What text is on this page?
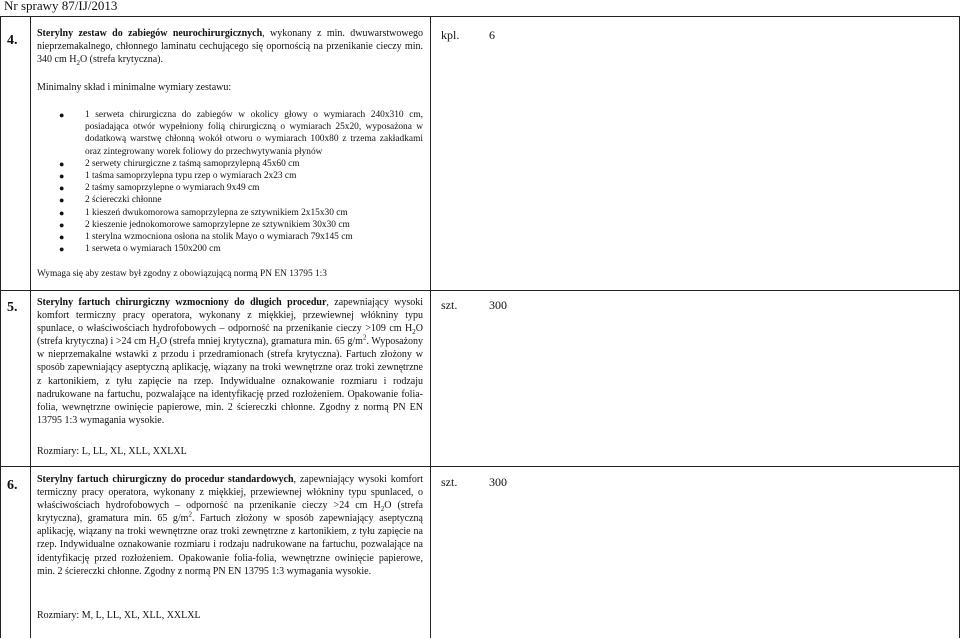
Nr sprawy 87/IJ/2013
4. Sterylny zestaw do zabiegów neurochirurgicznych, wykonany z min. dwuwarstwowego nieprzemakalnego, chłonnego laminatu cechującego się opornością na przenikanie cieczy min. 340 cm $H_2O$ (strefa krytyczna).
kpl. 6
Minimalny skład i minimalne wymiary zestawu:
● 1 serweta chirurgiczna do zabiegów w okolicy głowy o wymiarach 240x310 cm, posiadająca otwór wypełniony folią chirurgiczną o wymiarach 25x20, wyposażona w dodatkową warstwę chłonną wokół otworu o wymiarach 100x80 z trzema zakładkami oraz zintegrowany worek foliowy do przechwytywania płynów
● 2 serwety chirurgiczne z taśmą samoprzylepną 45x60 cm
● 1 taśma samoprzylepna typu rzep o wymiarach 2x23 cm
● 2 taśmy samoprzylepne o wymiarach 9x49 cm
● 2 ściereczki chłonne
● 1 kieszeń dwukomorowa samoprzylepna ze sztywnikiem 2x15x30 cm
● 2 kieszenie jednokomorowe samoprzylepne ze sztywnikiem 30x30 cm
● 1 sterylna wzmocniona osłona na stolik Mayo o wymiarach 79x145 cm
● 1 serweta o wymiarach 150x200 cm
Wymaga się aby zestaw był zgodny z obowiązującą normą PN EN 13795 1:3
5. Sterylny fartuch chirurgiczny wzmocniony do długich procedur, zapewniający wysoki komfort termiczny pracy operatora, wykonany z miękkiej, przewiewnej włókniny typu spunlace, o właściwościach hydrofobowych – odporność na przenikanie cieczy >109 cm $H_2O$ (strefa krytyczna) i >24 cm $H_2O$ (strefa mniej krytyczna), gramatura min. 65 $g/m^2$. Wyposażony w nieprzemakalne wstawki z przodu i przedramionach (strefa krytyczna). Fartuch złożony w sposób zapewniający aseptyczną aplikację, wiązany na troki wewnętrzne oraz troki zewnętrzne z kartonikiem, z tyłu zapięcie na rzep. Indywidualne oznakowanie rozmiaru i rodzaju nadrukowane na fartuchu, pozwalające na identyfikację przed rozłożeniem. Opakowanie folia-folia, wewnętrzne owinięcie papierowe, min. 2 ściereczki chłonne. Zgodny z normą PN EN 13795 1:3 wymagania wysokie.
szt.	300
Rozmiary: L, LL, XL, XLL, XXLXL
6. Sterylny fartuch chirurgiczny do procedur standardowych, zapewniający wysoki komfort termiczny pracy operatora, wykonany z miękkiej, przewiewnej włókniny typu spunlaced, o właściwościach hydrofobowych – odporność na przenikanie cieczy >24 cm $H_2O$ (strefa krytyczna), gramatura min. 65 $g/m^2$. Fartuch złożony w sposób zapewniający aseptyczną aplikację, wiązany na troki wewnętrzne oraz troki zewnętrzne z kartonikiem, z tyłu zapięcie na rzep. Indywidualne oznakowanie rozmiaru i rodzaju nadrukowane na fartuchu, pozwalające na identyfikację przed rozłożeniem. Opakowanie folia-folia, wewnętrzne owinięcie papierowe, min. 2 ściereczki chłonne. Zgodny z normą PN EN 13795 1:3 wymagania wysokie.
szt.	300
Rozmiary: M, L, LL, XL, XLL, XXLXL
